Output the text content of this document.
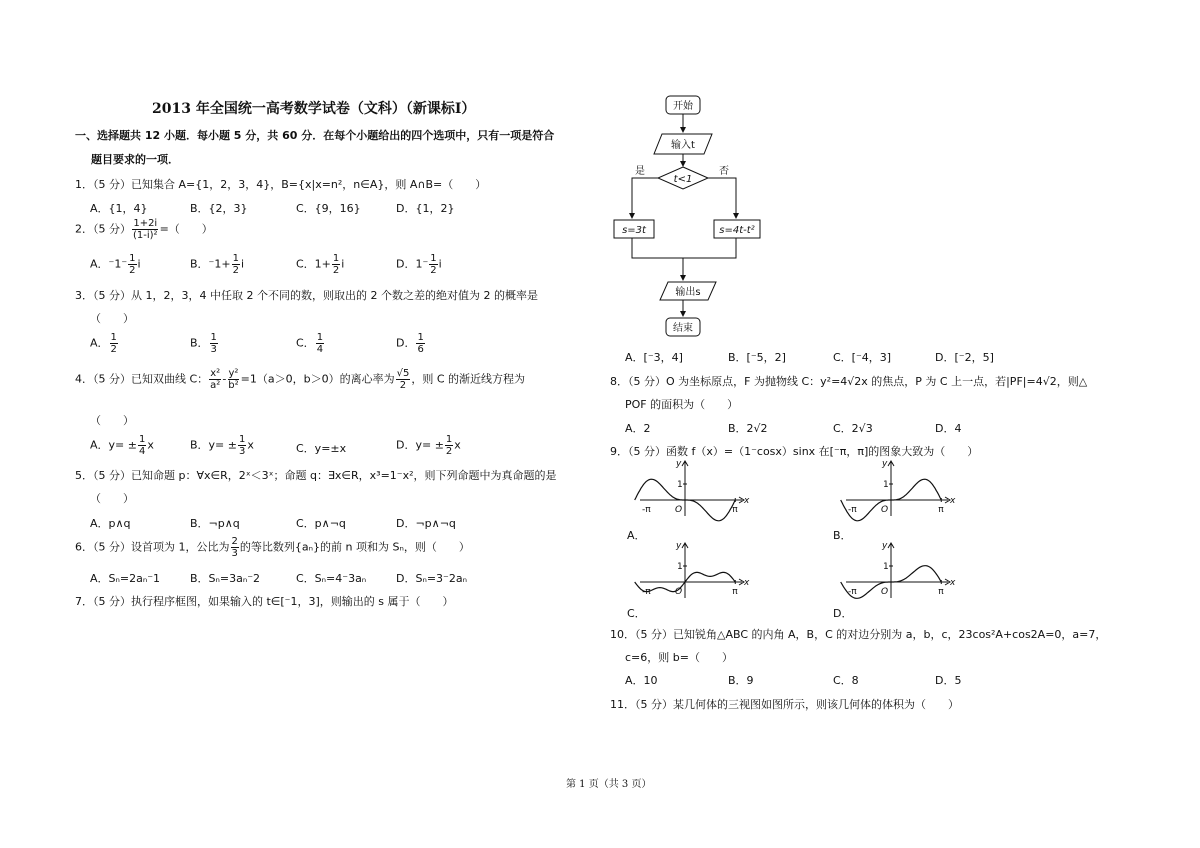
2013 年全国统一高考数学试卷（文科）（新课标Ⅰ）
一、选择题共 12 小题．每小题 5 分，共 60 分．在每个小题给出的四个选项中，只有一项是符合
题目要求的一项．
1．（5 分）已知集合 A={1，2，3，4}，B={x|x=n²，n∈A}，则 A∩B=（　　）
A．{1，4}	B．{2，3}	C．{9，16}	D．{1，2}
2．（5 分） $\frac{1+2i}{\text{(1-i)²}}$ =（　　）
A．$^-1^- \frac{1}{2}$ i	B．$^-1+ \frac{1}{2}$ i	C．$1+ \frac{1}{2}$ i	D．$1^- \frac{1}{2}$ i
3．（5 分）从 1，2，3，4 中任取 2 个不同的数，则取出的 2 个数之差的绝对值为 2 的概率是
（　　）
A． $\frac{1}{2}$	B． $\frac{1}{3}$	C． $\frac{1}{4}$	D． $\frac{1}{6}$
4．（5 分）已知双曲线 C： $\frac{\text{x²}}{\text{a²}} - \frac{\text{y²}}{\text{b²}} =1(a>0$，b＞0）的离心率为 $\frac{√5}{2}$ ，则 C 的渐近线方程为
（　　）
A．$y= \pm \frac{1}{4}$ x	B．$y= \pm \frac{1}{3}$ x	C．y=±x	D．$y= \pm \frac{1}{2}$ x
5．（5 分）已知命题 p：∀x∈R，2ˣ＜3ˣ；命题 q：∃x∈R，x³=1⁻x²，则下列命题中为真命题的是
（　　）
A．p∧q	B．¬p∧q	C．p∧¬q	D．¬p∧¬q
6．（5 分）设首项为 1，公比为 $\frac{2}{3}$ 的等比数列{aₙ}的前 n 项和为 Sₙ，则（　　）
A．Sₙ=2aₙ⁻1	B．Sₙ=3aₙ⁻2	C．Sₙ=4⁻3aₙ	D．Sₙ=3⁻2aₙ
7．（5 分）执行程序框图，如果输入的 t∈[⁻1，3]，则输出的 s 属于（　　）
开始
输入t
t<1
是	否
s=3t	s=4t-t²
输出s
结束
A．[⁻3，4]	B．[⁻5，2]	C．[⁻4，3]	D．[⁻2，5]
8．（5 分）O 为坐标原点，F 为抛物线 C：y²=4√2x 的焦点，P 为 C 上一点，若|PF|=4√2，则△
POF 的面积为（　　）
A．2	B．2√2	C．2√3	D．4
9．（5 分）函数 f（x）=（1⁻cosx）sinx 在[⁻π，π]的图象大致为（　　）
y
x
1
-π	O	π
A．
y
x
1
-π	O	π
B．
y
x
1
-π	O	π
C．
y
x
1
-π	O	π
D．
10．（5 分）已知锐角△ABC 的内角 A，B，C 的对边分别为 a，b，c，23cos²A+cos2A=0，a=7，
c=6，则 b=（　　）
A．10	B．9	C．8	D．5
11．（5 分）某几何体的三视图如图所示，则该几何体的体积为（　　）
第 1 页（共 3 页）
